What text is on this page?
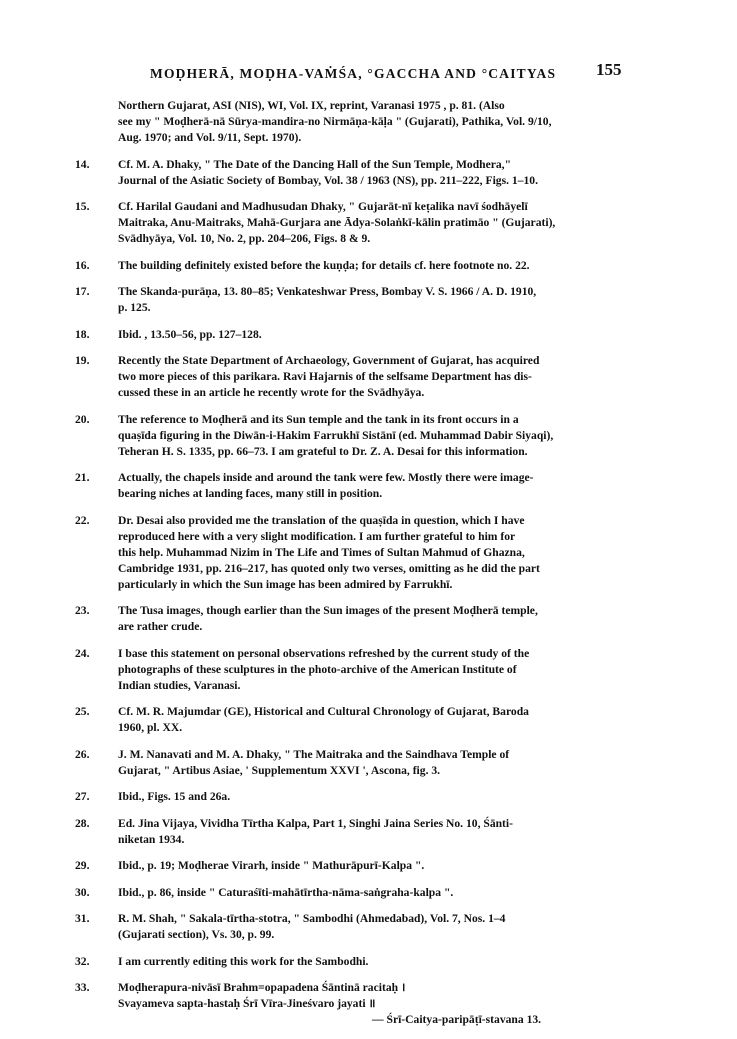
MOḌHERĀ, MOḌHA-VAṀŚA, °GACCHA AND °CAITYAS 155
Northern Gujarat, ASI (NIS), WI, Vol. IX, reprint, Varanasi 1975 , p. 81. (Also
see my " Moḍherā-nā Sūrya-mandira-no Nirmāṇa-kāḷa " (Gujarati), Pathika, Vol. 9/10,
Aug. 1970; and Vol. 9/11, Sept. 1970).
14.	Cf. M. A. Dhaky, " The Date of the Dancing Hall of the Sun Temple, Modhera,"
Journal of the Asiatic Society of Bombay, Vol. 38 / 1963 (NS), pp. 211–222, Figs. 1–10.
15.	Cf. Harilal Gaudani and Madhusudan Dhaky, " Gujarāt-nī keṭalika navī śodhāyelī
Maitraka, Anu-Maitraks, Mahā-Gurjara ane Ādya-Solaṅkī-kālin pratimāo " (Gujarati),
Svādhyāya, Vol. 10, No. 2, pp. 204–206, Figs. 8 & 9.
16.	The building definitely existed before the kuṇḍa; for details cf. here footnote no. 22.
17.	The Skanda-purāṇa, 13. 80–85; Venkateshwar Press, Bombay V. S. 1966 / A. D. 1910,
p. 125.
18.	Ibid. , 13.50–56, pp. 127–128.
19.	Recently the State Department of Archaeology, Government of Gujarat, has acquired
two more pieces of this parikara. Ravi Hajarnis of the selfsame Department has dis-
cussed these in an article he recently wrote for the Svādhyāya.
20.	The reference to Moḍherā and its Sun temple and the tank in its front occurs in a
quaṣīda figuring in the Diwān-i-Hakim Farrukhī Sistānī (ed. Muhammad Dabir Siyaqi),
Teheran H. S. 1335, pp. 66–73. I am grateful to Dr. Z. A. Desai for this information.
21.	Actually, the chapels inside and around the tank were few. Mostly there were image-
bearing niches at landing faces, many still in position.
22.	Dr. Desai also provided me the translation of the quaṣīda in question, which I have
reproduced here with a very slight modification. I am further grateful to him for
this help. Muhammad Nizim in The Life and Times of Sultan Mahmud of Ghazna,
Cambridge 1931, pp. 216–217, has quoted only two verses, omitting as he did the part
particularly in which the Sun image has been admired by Farrukhī.
23.	The Tusa images, though earlier than the Sun images of the present Moḍherā temple,
are rather crude.
24.	I base this statement on personal observations refreshed by the current study of the
photographs of these sculptures in the photo-archive of the American Institute of
Indian studies, Varanasi.
25.	Cf. M. R. Majumdar (GE), Historical and Cultural Chronology of Gujarat, Baroda
1960, pl. XX.
26.	J. M. Nanavati and M. A. Dhaky, " The Maitraka and the Saindhava Temple of
Gujarat, " Artibus Asiae, ' Supplementum XXVI ', Ascona, fig. 3.
27.	Ibid., Figs. 15 and 26a.
28.	Ed. Jina Vijaya, Vividha Tīrtha Kalpa, Part 1, Singhi Jaina Series No. 10, Śānti-
niketan 1934.
29.	Ibid., p. 19; Moḍherae Virarh, inside " Mathurāpurī-Kalpa ".
30.	Ibid., p. 86, inside " Caturaśīti-mahātīrtha-nāma-saṅgraha-kalpa ".
31.	R. M. Shah, " Sakala-tīrtha-stotra, " Sambodhi (Ahmedabad), Vol. 7, Nos. 1–4
(Gujarati section), Vs. 30, p. 99.
32.	I am currently editing this work for the Sambodhi.
33.	Moḍherapura-nivāsī Brahm=opapadena Śāntinā racitaḥ ।
Svayameva sapta-hastaḥ Śrī Vīra-Jineśvaro jayati ॥
— Śrī-Caitya-paripāṭī-stavana 13.
